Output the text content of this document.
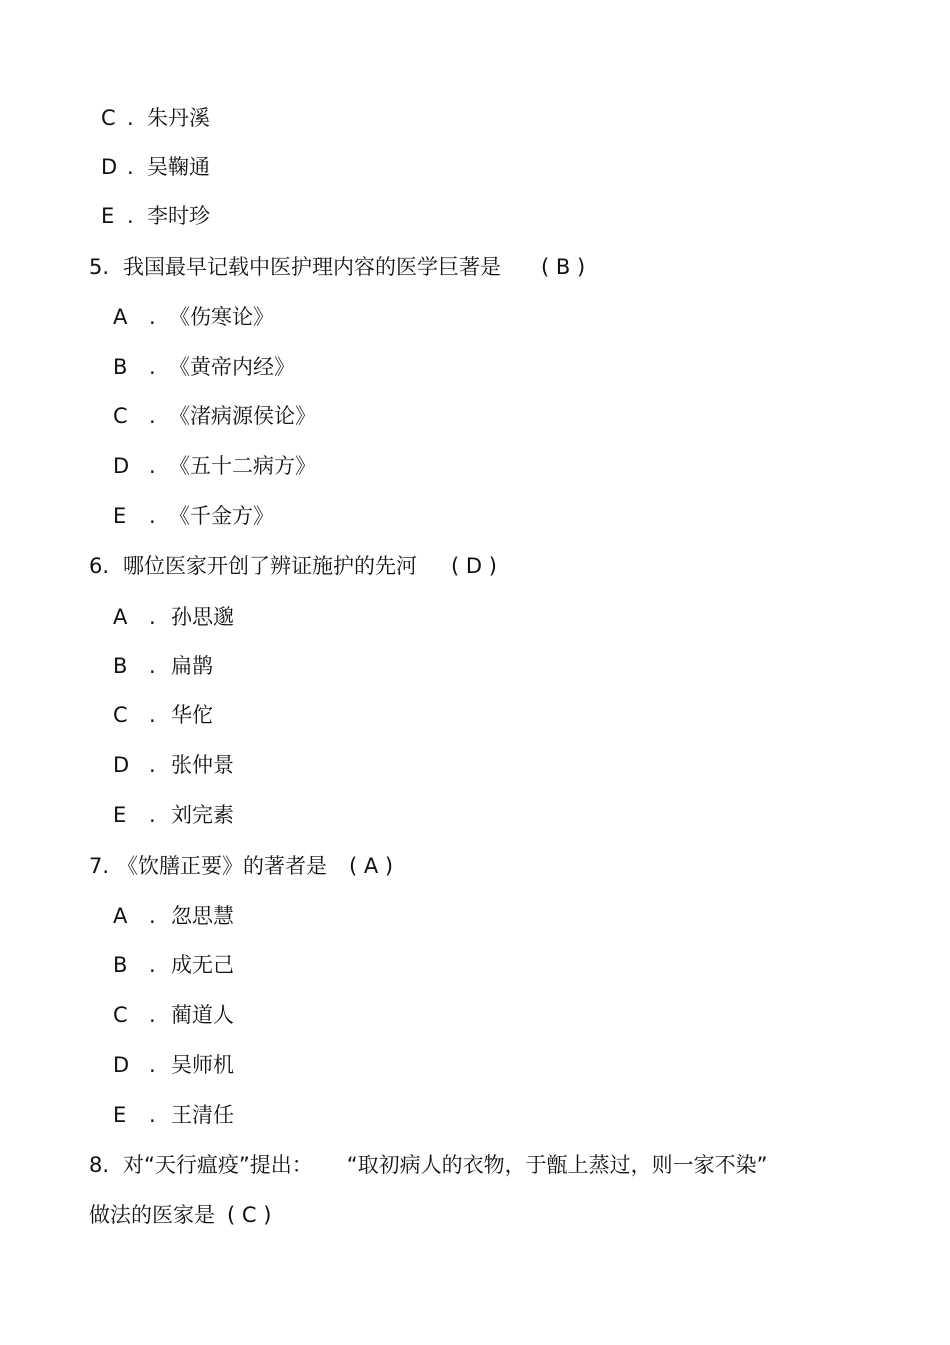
C . 朱丹溪
D . 吴鞠通
E . 李时珍
5. 我国最早记载中医护理内容的医学巨著是 ( B )
A . 《伤寒论》
B . 《黄帝内经》
C . 《渚病源侯论》
D . 《五十二病方》
E . 《千金方》
6. 哪位医家开创了辨证施护的先河 ( D )
A . 孙思邈
B . 扁鹊
C . 华佗
D . 张仲景
E . 刘完素
7. 《饮膳正要》的著者是 ( A )
A . 忽思慧
B . 成无己
C . 蔺道人
D . 吴师机
E . 王清任
8. 对“天行瘟疫”提出： “取初病人的衣物，于甑上蒸过，则一家不染”
做法的医家是 ( C )
